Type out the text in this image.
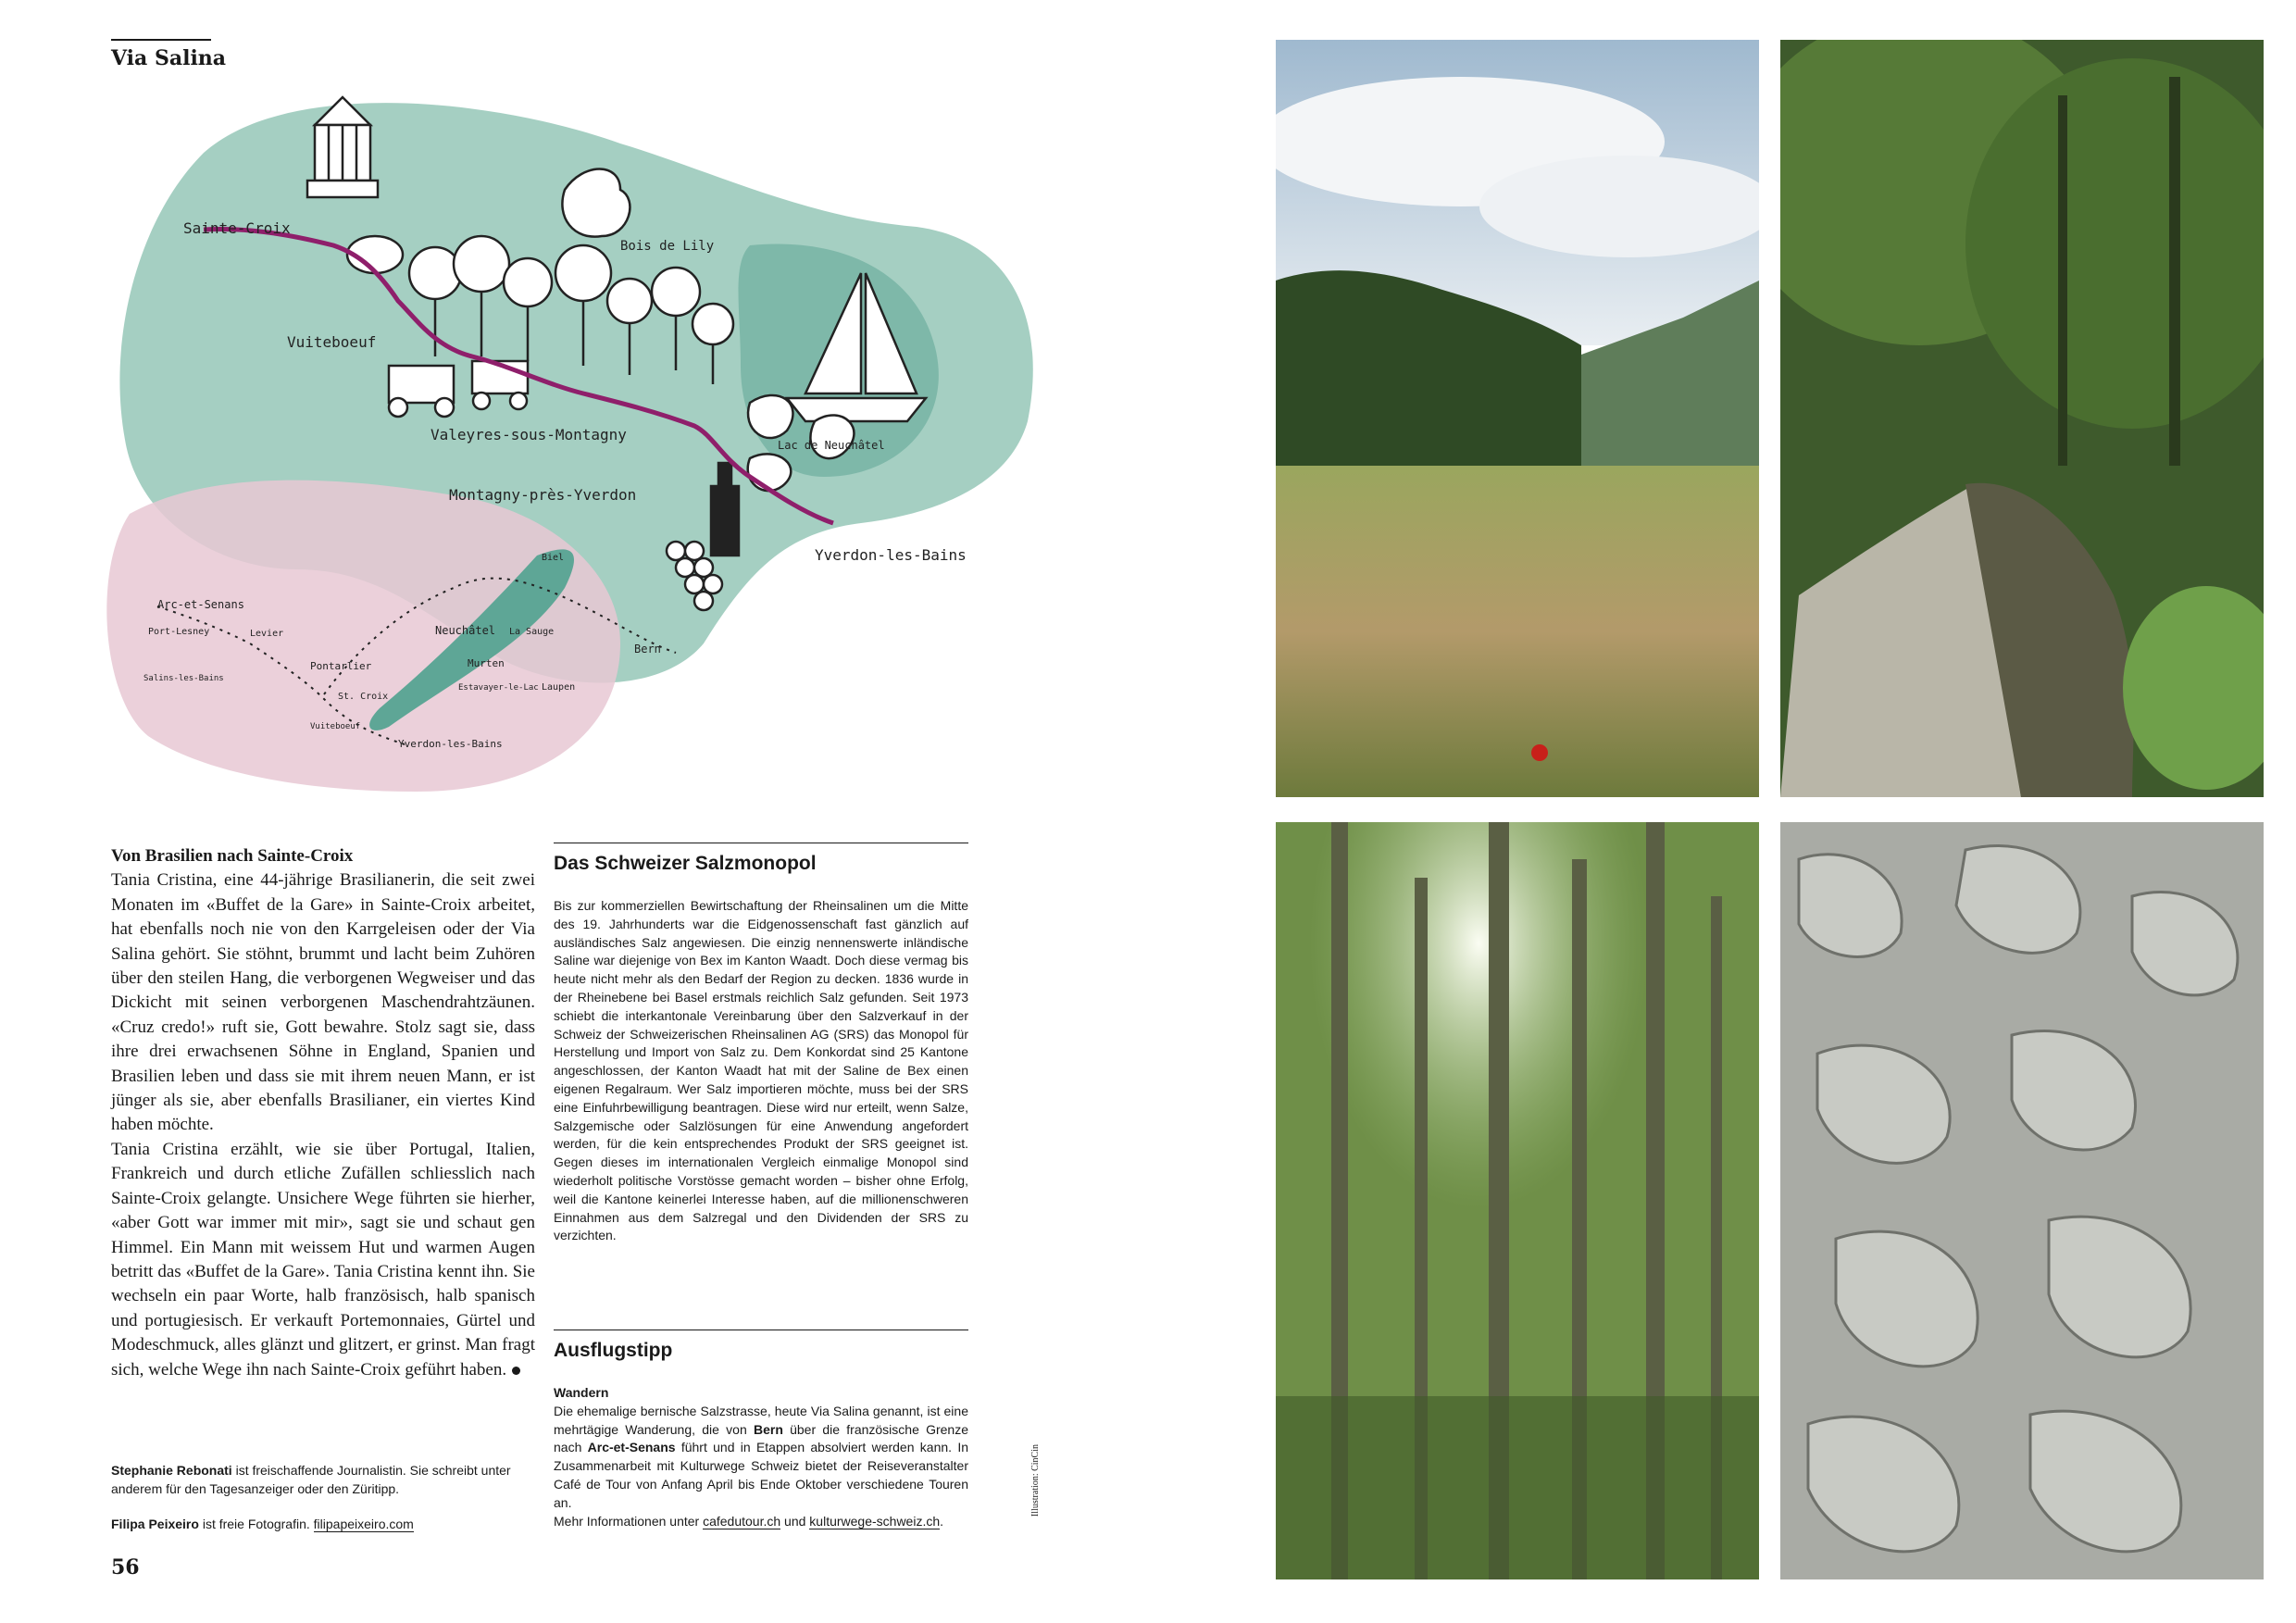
Via Salina
Sainte-Croix
Vuiteboeuf
Valeyres-sous-Montagny
Montagny-près-Yverdon
Yverdon-les-Bains
Bois de Lily
Lac de Neuchâtel
Arc-et-Senans
Port-Lesney	Levier
Salins-les-Bains
Pontarlier
St. Croix
Vuiteboeuf
Neuchâtel La Sauge
Biel
Murten
Estavayer-le-Lac Laupen
Bern
Yverdon-les-Bains
Von Brasilien nach Sainte-Croix

Tania Cristina, eine 44-jährige Brasilianerin, die seit zwei Monaten im «Buffet de la Gare» in Sainte-Croix arbeitet, hat ebenfalls noch nie von den Karrgeleisen oder der Via Salina gehört. Sie stöhnt, brummt und lacht beim Zuhören über den steilen Hang, die verborgenen Wegweiser und das Dickicht mit seinen verborgenen Maschendrahtzäunen. «Cruz credo!» ruft sie, Gott bewahre. Stolz sagt sie, dass ihre drei erwachsenen Söhne in England, Spanien und Brasilien leben und dass sie mit ihrem neuen Mann, er ist jünger als sie, aber ebenfalls Brasilianer, ein viertes Kind haben möchte.

Tania Cristina erzählt, wie sie über Portugal, Italien, Frankreich und durch etliche Zufällen schliesslich nach Sainte-Croix gelangte. Unsichere Wege führten sie hierher, «aber Gott war immer mit mir», sagt sie und schaut gen Himmel. Ein Mann mit weissem Hut und warmen Augen betritt das «Buffet de la Gare». Tania Cristina kennt ihn. Sie wechseln ein paar Worte, halb französisch, halb spanisch und portugiesisch. Er verkauft Portemonnaies, Gürtel und Modeschmuck, alles glänzt und glitzert, er grinst. Man fragt sich, welche Wege ihn nach Sainte-Croix geführt haben.

Stephanie Rebonati ist freischaffende Journalistin. Sie schreibt unter anderem für den Tagesanzeiger oder den Züritipp.

Filipa Peixeiro ist freie Fotografin. filipapeixeiro.com

56
Das Schweizer Salzmonopol
Bis zur kommerziellen Bewirtschaftung der Rheinsalinen um die Mitte des 19. Jahrhunderts war die Eidgenossenschaft fast gänzlich auf ausländisches Salz angewiesen. Die einzig nennenswerte inländische Saline war diejenige von Bex im Kanton Waadt. Doch diese vermag bis heute nicht mehr als den Bedarf der Region zu decken. 1836 wurde in der Rheinebene bei Basel erstmals reichlich Salz gefunden. Seit 1973 schiebt die interkantonale Vereinbarung über den Salzverkauf in der Schweiz der Schweizerischen Rheinsalinen AG (SRS) das Monopol für Herstellung und Import von Salz zu. Dem Konkordat sind 25 Kantone angeschlossen, der Kanton Waadt hat mit der Saline de Bex einen eigenen Regalraum. Wer Salz importieren möchte, muss bei der SRS eine Einfuhrbewilligung beantragen. Diese wird nur erteilt, wenn Salze, Salzgemische oder Salzlösungen für eine Anwendung angefordert werden, für die kein entsprechendes Produkt der SRS geeignet ist. Gegen dieses im internationalen Vergleich einmalige Monopol sind wiederholt politische Vorstösse gemacht worden – bisher ohne Erfolg, weil die Kantone keinerlei Interesse haben, auf die millionenschweren Einnahmen aus dem Salzregal und den Dividenden der SRS zu verzichten.
Ausflugstipp
Wandern
Die ehemalige bernische Salzstrasse, heute Via Salina genannt, ist eine mehrtägige Wanderung, die von Bern über die französische Grenze nach Arc-et-Senans führt und in Etappen absolviert werden kann. In Zusammenarbeit mit Kulturwege Schweiz bietet der Reiseveranstalter Café de Tour von Anfang April bis Ende Oktober verschiedene Touren an.
Mehr Informationen unter cafedutour.ch und kulturwege-schweiz.ch.
Illustration: CinCin
